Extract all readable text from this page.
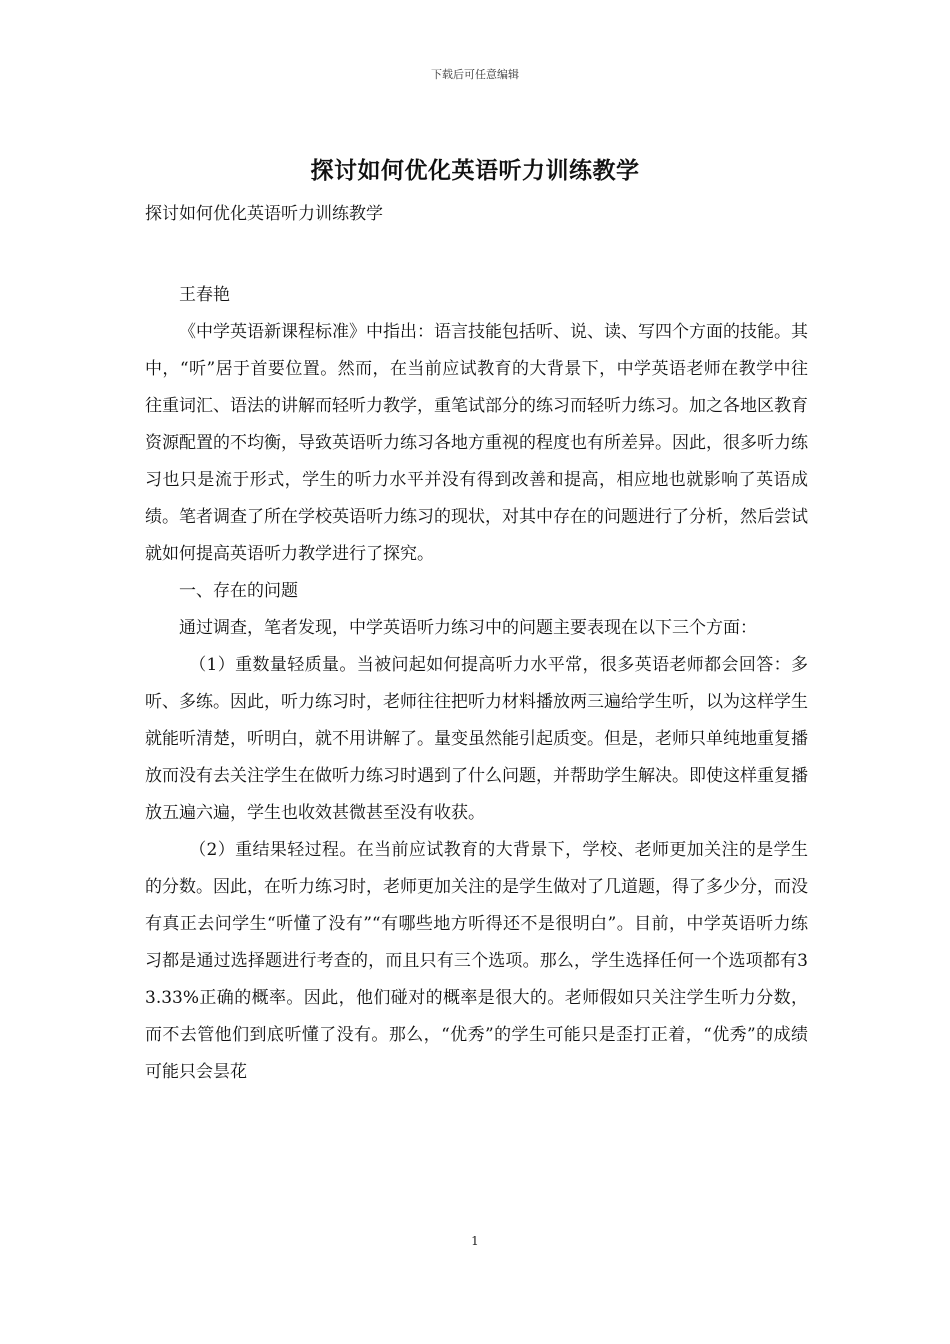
下载后可任意编辑
探讨如何优化英语听力训练教学

探讨如何优化英语听力训练教学

王春艳

《中学英语新课程标准》中指出：语言技能包括听、说、读、写四个方面的技能。其中，“听”居于首要位置。然而，在当前应试教育的大背景下，中学英语老师在教学中往往重词汇、语法的讲解而轻听力教学，重笔试部分的练习而轻听力练习。加之各地区教育资源配置的不均衡，导致英语听力练习各地方重视的程度也有所差异。因此，很多听力练习也只是流于形式，学生的听力水平并没有得到改善和提高，相应地也就影响了英语成绩。笔者调查了所在学校英语听力练习的现状，对其中存在的问题进行了分析，然后尝试就如何提高英语听力教学进行了探究。

一、存在的问题

通过调查，笔者发现，中学英语听力练习中的问题主要表现在以下三个方面：

（1）重数量轻质量。当被问起如何提高听力水平常，很多英语老师都会回答：多听、多练。因此，听力练习时，老师往往把听力材料播放两三遍给学生听，以为这样学生就能听清楚，听明白，就不用讲解了。量变虽然能引起质变。但是，老师只单纯地重复播放而没有去关注学生在做听力练习时遇到了什么问题，并帮助学生解决。即使这样重复播放五遍六遍，学生也收效甚微甚至没有收获。

（2）重结果轻过程。在当前应试教育的大背景下，学校、老师更加关注的是学生的分数。因此，在听力练习时，老师更加关注的是学生做对了几道题，得了多少分，而没有真正去问学生“听懂了没有”“有哪些地方听得还不是很明白”。目前，中学英语听力练习都是通过选择题进行考查的，而且只有三个选项。那么，学生选择任何一个选项都有33.33%正确的概率。因此，他们碰对的概率是很大的。老师假如只关注学生听力分数，而不去管他们到底听懂了没有。那么，“优秀”的学生可能只是歪打正着，“优秀”的成绩可能只会昙花

1
